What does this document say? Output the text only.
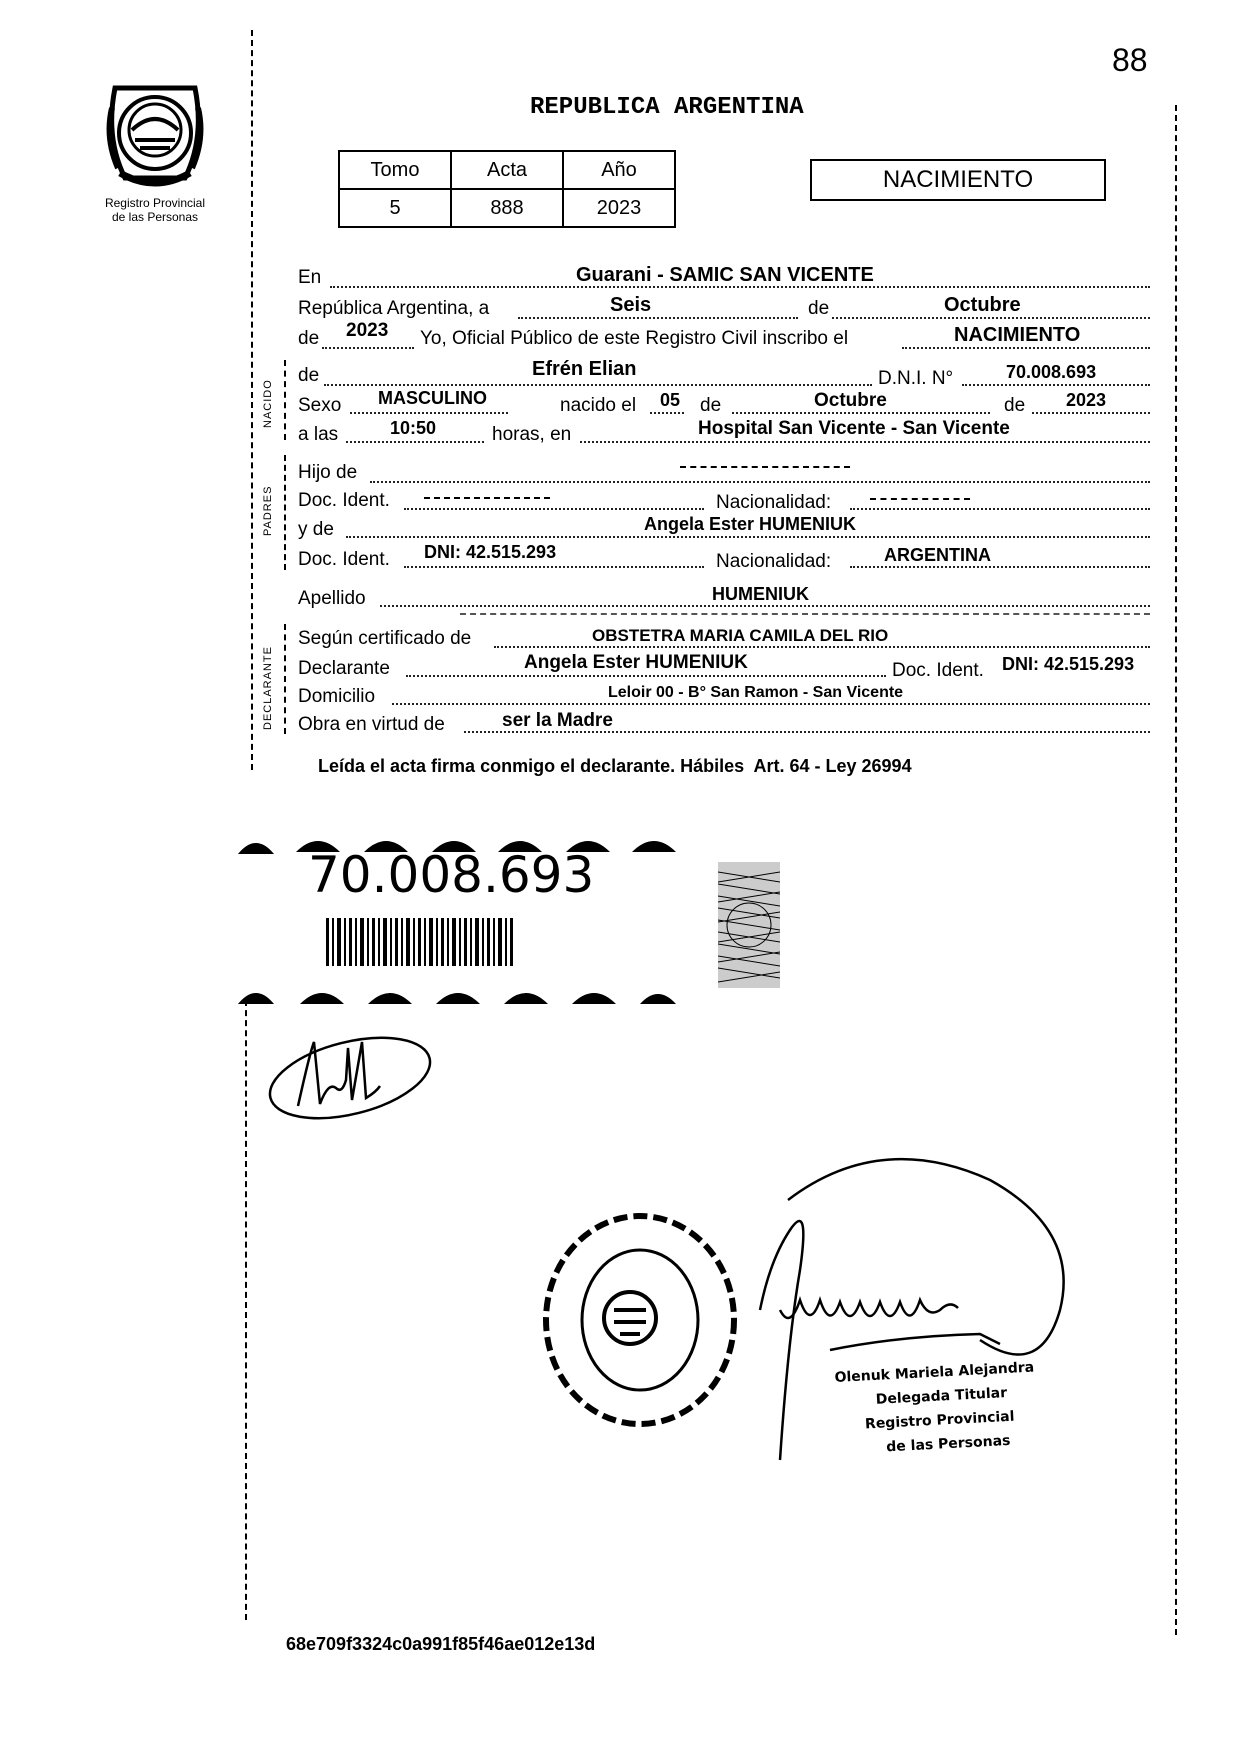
88
Registro Provincial
de las Personas
REPUBLICA ARGENTINA
Tomo	Acta	Año
5	888	2023
NACIMIENTO
En	Guarani - SAMIC SAN VICENTE
República Argentina, a	Seis	de	Octubre
de 2023 Yo, Oficial Público de este Registro Civil inscribo el	NACIMIENTO
NACIDO
de	Efrén Elian	D.N.I. N°	70.008.693
Sexo MASCULINO	nacido el 05 de	Octubre	de 2023
a las	10:50	horas, en	Hospital San Vicente - San Vicente
PADRES
Hijo de
Doc. Ident.	Nacionalidad:
y de	Angela Ester HUMENIUK
Doc. Ident. DNI: 42.515.293	Nacionalidad:	ARGENTINA
Apellido	HUMENIUK
DECLARANTE
Según certificado de	OBSTETRA MARIA CAMILA DEL RIO
Declarante	Angela Ester HUMENIUK	Doc. Ident. DNI: 42.515.293
Domicilio	Leloir 00 - B° San Ramon - San Vicente
Obra en virtud de	ser la Madre
Leída el acta firma conmigo el declarante. Hábiles  Art. 64 - Ley 26994
70.008.693
Olenuk Mariela Alejandra
Delegada Titular
Registro Provincial
de las Personas
68e709f3324c0a991f85f46ae012e13d
